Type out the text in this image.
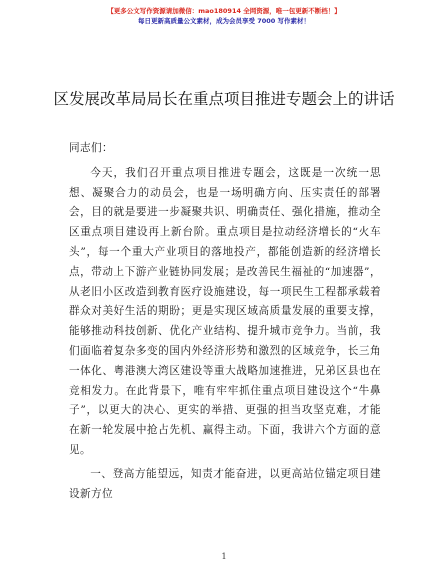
【更多公文写作资源请加微信：mao180914 全网资源，唯一包更新不断档！】
每日更新高质量公文素材，成为会员享受 7000 写作素材！
区发展改革局局长在重点项目推进专题会上的讲话

同志们：

今天，我们召开重点项目推进专题会，这既是一次统一思想、凝聚合力的动员会，也是一场明确方向、压实责任的部署会，目的就是要进一步凝聚共识、明确责任、强化措施，推动全区重点项目建设再上新台阶。重点项目是拉动经济增长的“火车头”，每一个重大产业项目的落地投产，都能创造新的经济增长点，带动上下游产业链协同发展；是改善民生福祉的“加速器”，从老旧小区改造到教育医疗设施建设，每一项民生工程都承载着群众对美好生活的期盼；更是实现区域高质量发展的重要支撑，能够推动科技创新、优化产业结构、提升城市竞争力。当前，我们面临着复杂多变的国内外经济形势和激烈的区域竞争，长三角一体化、粤港澳大湾区建设等重大战略加速推进，兄弟区县也在竞相发力。在此背景下，唯有牢牢抓住重点项目建设这个“牛鼻子”，以更大的决心、更实的举措、更强的担当攻坚克难，才能在新一轮发展中抢占先机、赢得主动。下面，我讲六个方面的意见。

一、登高方能望远，知责才能奋进，以更高站位锚定项目建设新方位

1
